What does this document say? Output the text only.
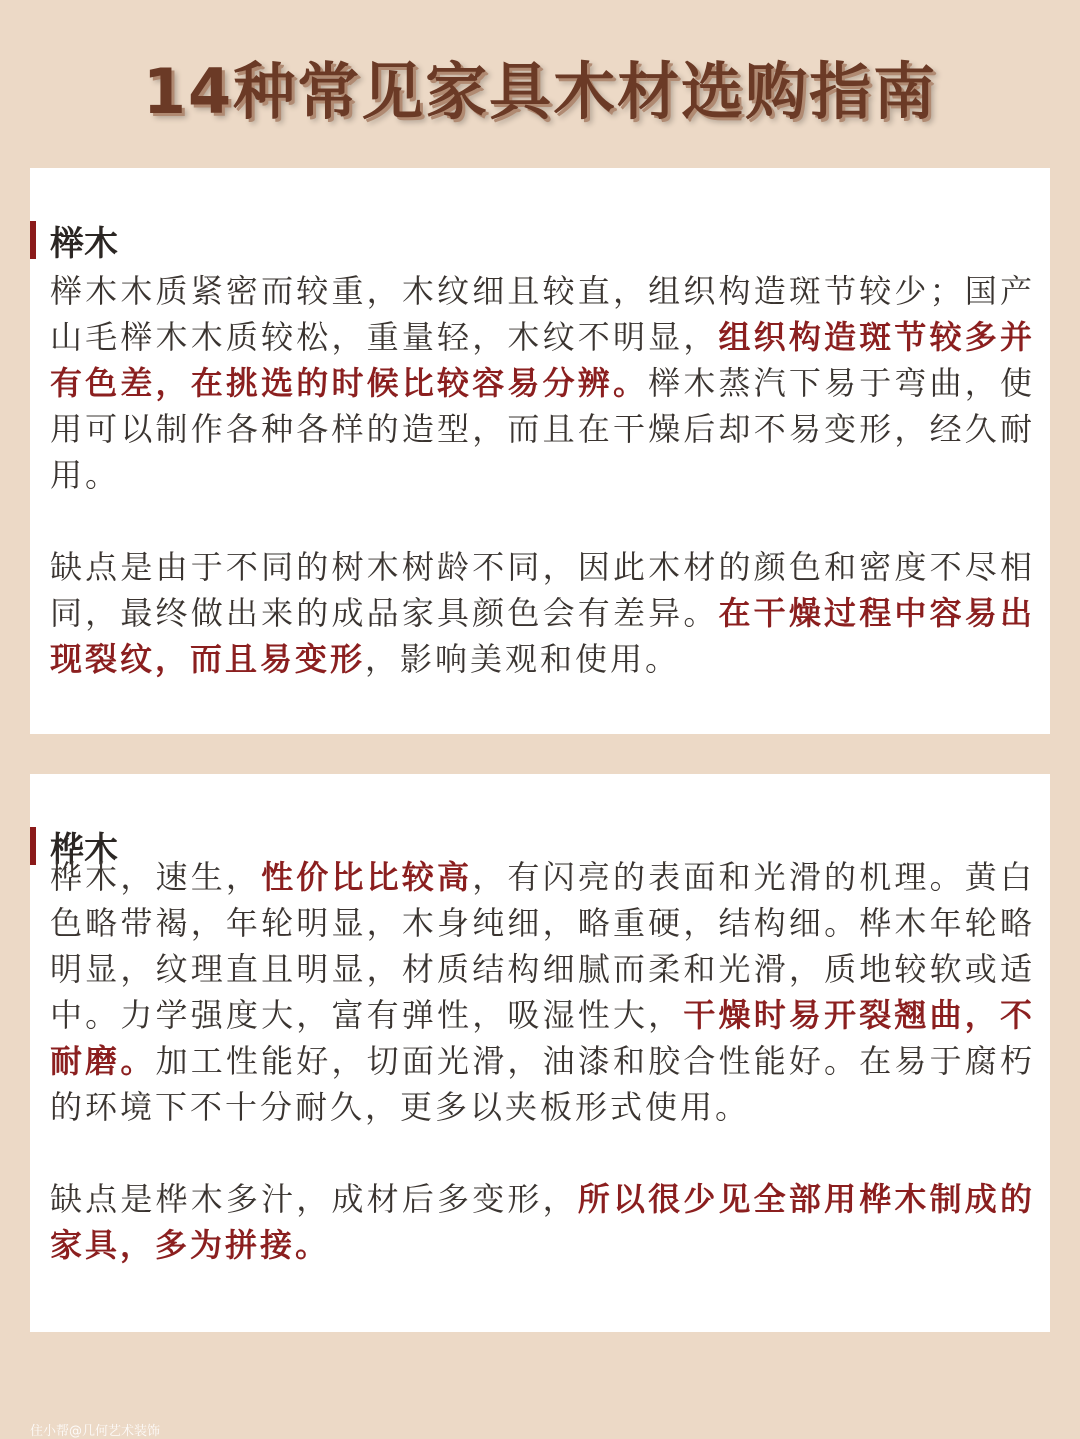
14种常见家具木材选购指南
榉木

榉木木质紧密而较重，木纹细且较直，组织构造斑节较少；国产山毛榉木木质较松，重量轻，木纹不明显，组织构造斑节较多并有色差，在挑选的时候比较容易分辨。榉木蒸汽下易于弯曲，使用可以制作各种各样的造型，而且在干燥后却不易变形，经久耐用。

缺点是由于不同的树木树龄不同，因此木材的颜色和密度不尽相同，最终做出来的成品家具颜色会有差异。在干燥过程中容易出现裂纹，而且易变形，影响美观和使用。

桦木

桦木，速生，性价比比较高，有闪亮的表面和光滑的机理。黄白色略带褐，年轮明显，木身纯细，略重硬，结构细。桦木年轮略明显，纹理直且明显，材质结构细腻而柔和光滑，质地较软或适中。力学强度大，富有弹性，吸湿性大，干燥时易开裂翘曲，不耐磨。加工性能好，切面光滑，油漆和胶合性能好。在易于腐朽的环境下不十分耐久，更多以夹板形式使用。

缺点是桦木多汁，成材后多变形，所以很少见全部用桦木制成的家具，多为拼接。

住小帮@几何艺术装饰
